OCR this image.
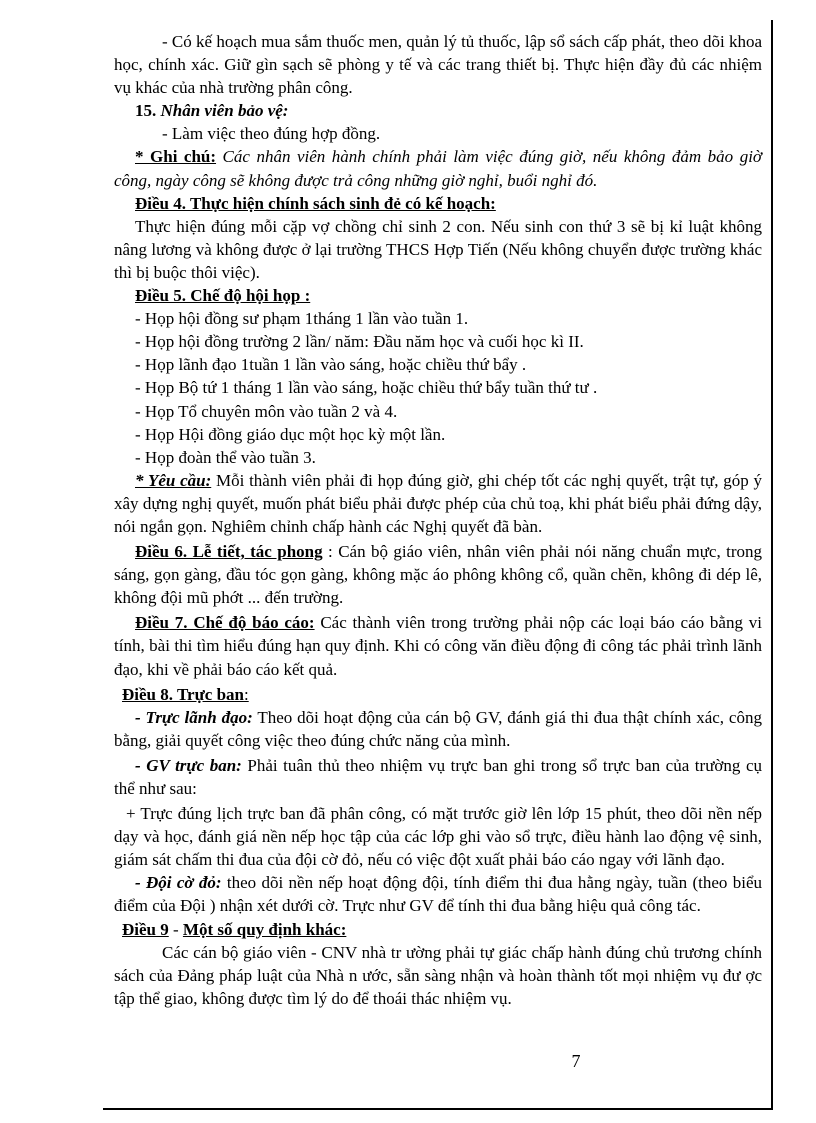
- Có kế hoạch mua sắm thuốc men, quản lý tủ thuốc, lập sổ sách cấp phát, theo dõi khoa học, chính xác. Giữ gìn sạch sẽ phòng y tế và các trang thiết bị. Thực hiện đầy đủ các nhiệm vụ khác của nhà trường phân công.

15. Nhân viên bảo vệ:

- Làm việc theo đúng hợp đồng.

* Ghi chú: Các nhân viên hành chính phải làm việc đúng giờ, nếu không đảm bảo giờ công, ngày công sẽ không được trả công những giờ nghỉ, buổi nghỉ đó.

Điều 4. Thực hiện chính sách sinh đẻ có kế hoạch:

Thực hiện đúng mỗi cặp vợ chồng chỉ sinh 2 con. Nếu sinh con thứ 3 sẽ bị kỉ luật không nâng lương và không được ở lại trường THCS Hợp Tiến (Nếu không chuyển được trường khác thì bị buộc thôi việc).

Điều 5. Chế độ hội họp :

- Họp hội đồng sư phạm 1tháng 1 lần vào tuần 1.

- Họp hội đồng trường 2 lần/ năm: Đầu năm học và cuối học kì II.

- Họp lãnh đạo 1tuần 1 lần vào sáng, hoặc chiều thứ bẩy .

- Họp Bộ tứ 1 tháng 1 lần vào sáng, hoặc chiều thứ bẩy tuần thứ tư .

- Họp Tổ chuyên môn vào tuần 2 và 4.

- Họp Hội đồng giáo dục một học kỳ một lần.

- Họp đoàn thể vào tuần 3.

* Yêu cầu: Mỗi thành viên phải đi họp đúng giờ, ghi chép tốt các nghị quyết, trật tự, góp ý xây dựng nghị quyết, muốn phát biểu phải được phép của chủ toạ, khi phát biểu phải đứng dậy, nói ngắn gọn. Nghiêm chỉnh chấp hành các Nghị quyết đã bàn.

Điều 6. Lễ tiết, tác phong : Cán bộ giáo viên, nhân viên phải nói năng chuẩn mực, trong sáng, gọn gàng, đầu tóc gọn gàng, không mặc áo phông không cổ, quần chẽn, không đi dép lê, không đội mũ phớt ... đến trường.

Điều 7. Chế độ báo cáo: Các thành viên trong trường phải nộp các loại báo cáo bằng vi tính, bài thi tìm hiểu đúng hạn quy định. Khi có công văn điều động đi công tác phải trình lãnh đạo, khi về phải báo cáo kết quả.

Điều 8. Trực ban:

- Trực lãnh đạo: Theo dõi hoạt động của cán bộ GV, đánh giá thi đua thật chính xác, công bằng, giải quyết công việc theo đúng chức năng của mình.

- GV trực ban: Phải tuân thủ theo nhiệm vụ trực ban ghi trong sổ trực ban của trường cụ thể như sau:

+ Trực đúng lịch trực ban đã phân công, có mặt trước giờ lên lớp 15 phút, theo dõi nền nếp dạy và học, đánh giá nền nếp học tập của các lớp ghi vào sổ trực, điều hành lao động vệ sinh, giám sát chấm thi đua của đội cờ đỏ, nếu có việc đột xuất phải báo cáo ngay với lãnh đạo.

- Đội cờ đỏ: theo dõi nền nếp hoạt động đội, tính điểm thi đua hằng ngày, tuần (theo biểu điểm của Đội ) nhận xét dưới cờ. Trực như GV để tính thi đua bằng hiệu quả công tác.

Điều 9 - Một số quy định khác:

Các cán bộ giáo viên - CNV nhà tr ường phải tự giác chấp hành đúng chủ trương chính sách của Đảng pháp luật của Nhà n ước, sẵn sàng nhận và hoàn thành tốt mọi nhiệm vụ đư ợc tập thể giao, không được tìm lý do để thoái thác nhiệm vụ.

7
